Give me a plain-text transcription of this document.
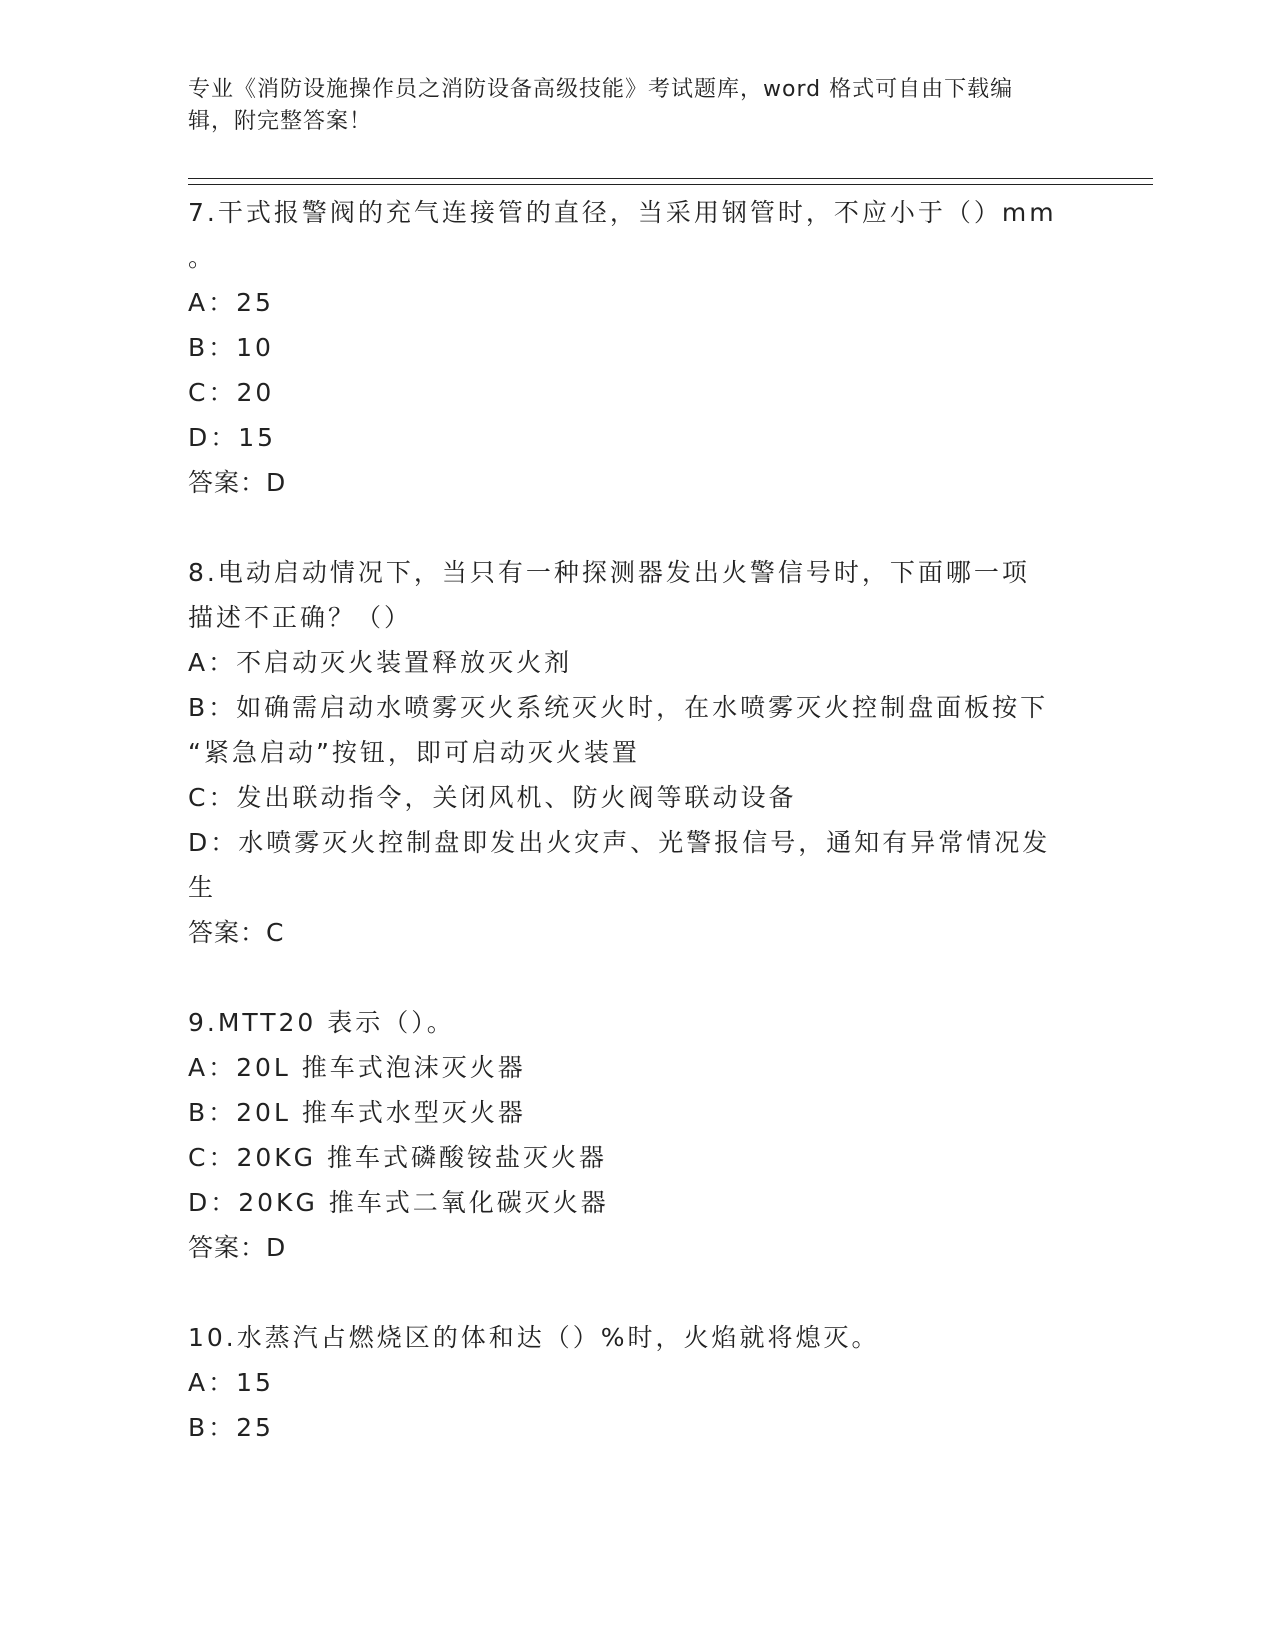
专业《消防设施操作员之消防设备高级技能》考试题库，word 格式可自由下载编
辑，附完整答案！

7.干式报警阀的充气连接管的直径，当采用钢管时，不应小于（）mm

。

A：25

B：10

C：20

D：15

答案：D

8.电动启动情况下，当只有一种探测器发出火警信号时，下面哪一项

描述不正确？（）

A：不启动灭火装置释放灭火剂

B：如确需启动水喷雾灭火系统灭火时，在水喷雾灭火控制盘面板按下

“紧急启动”按钮，即可启动灭火装置

C：发出联动指令，关闭风机、防火阀等联动设备

D：水喷雾灭火控制盘即发出火灾声、光警报信号，通知有异常情况发

生

答案：C

9.MTT20 表示（）。

A：20L 推车式泡沫灭火器

B：20L 推车式水型灭火器

C：20KG 推车式磷酸铵盐灭火器

D：20KG 推车式二氧化碳灭火器

答案：D

10.水蒸汽占燃烧区的体和达（）%时，火焰就将熄灭。

A：15

B：25
